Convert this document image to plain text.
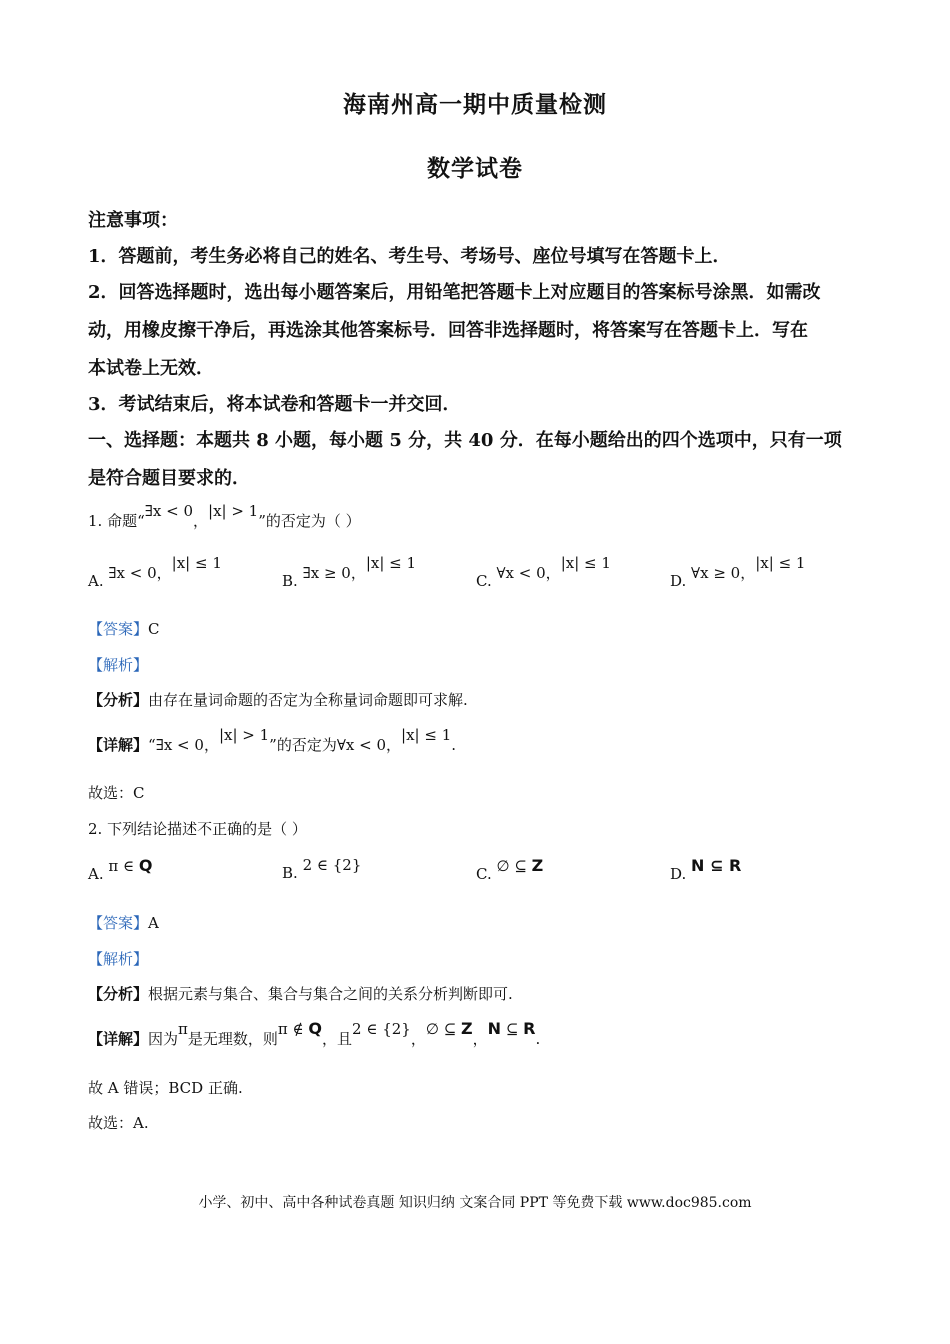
海南州高一期中质量检测
数学试卷
注意事项：
1．答题前，考生务必将自己的姓名、考生号、考场号、座位号填写在答题卡上．
2．回答选择题时，选出每小题答案后，用铅笔把答题卡上对应题目的答案标号涂黑．如需改
动，用橡皮擦干净后，再选涂其他答案标号．回答非选择题时，将答案写在答题卡上．写在
本试卷上无效．
3．考试结束后，将本试卷和答题卡一并交回．
一、选择题：本题共 8 小题，每小题 5 分，共 40 分．在每小题给出的四个选项中，只有一项
是符合题目要求的．
1. 命题“∃x < 0，|x| > 1”的否定为（ ）
A. ∃x < 0，|x| ≤ 1
B. ∃x ≥ 0，|x| ≤ 1
C. ∀x < 0，|x| ≤ 1
D. ∀x ≥ 0，|x| ≤ 1
【答案】C
【解析】
【分析】由存在量词命题的否定为全称量词命题即可求解.
【详解】“∃x < 0，|x| > 1”的否定为∀x < 0，|x| ≤ 1.
故选：C
2. 下列结论描述不正确的是（ ）
A. π ∈ Q	B. 2 ∈ {2}	C. ∅ ⊆ Z	D. N ⊆ R
【答案】A
【解析】
【分析】根据元素与集合、集合与集合之间的关系分析判断即可.
【详解】因为π是无理数，则π ∉ Q，且2 ∈ {2}，∅ ⊆ Z，N ⊆ R.
故 A 错误；BCD 正确.
故选：A.
小学、初中、高中各种试卷真题 知识归纳 文案合同 PPT 等免费下载 www.doc985.com
